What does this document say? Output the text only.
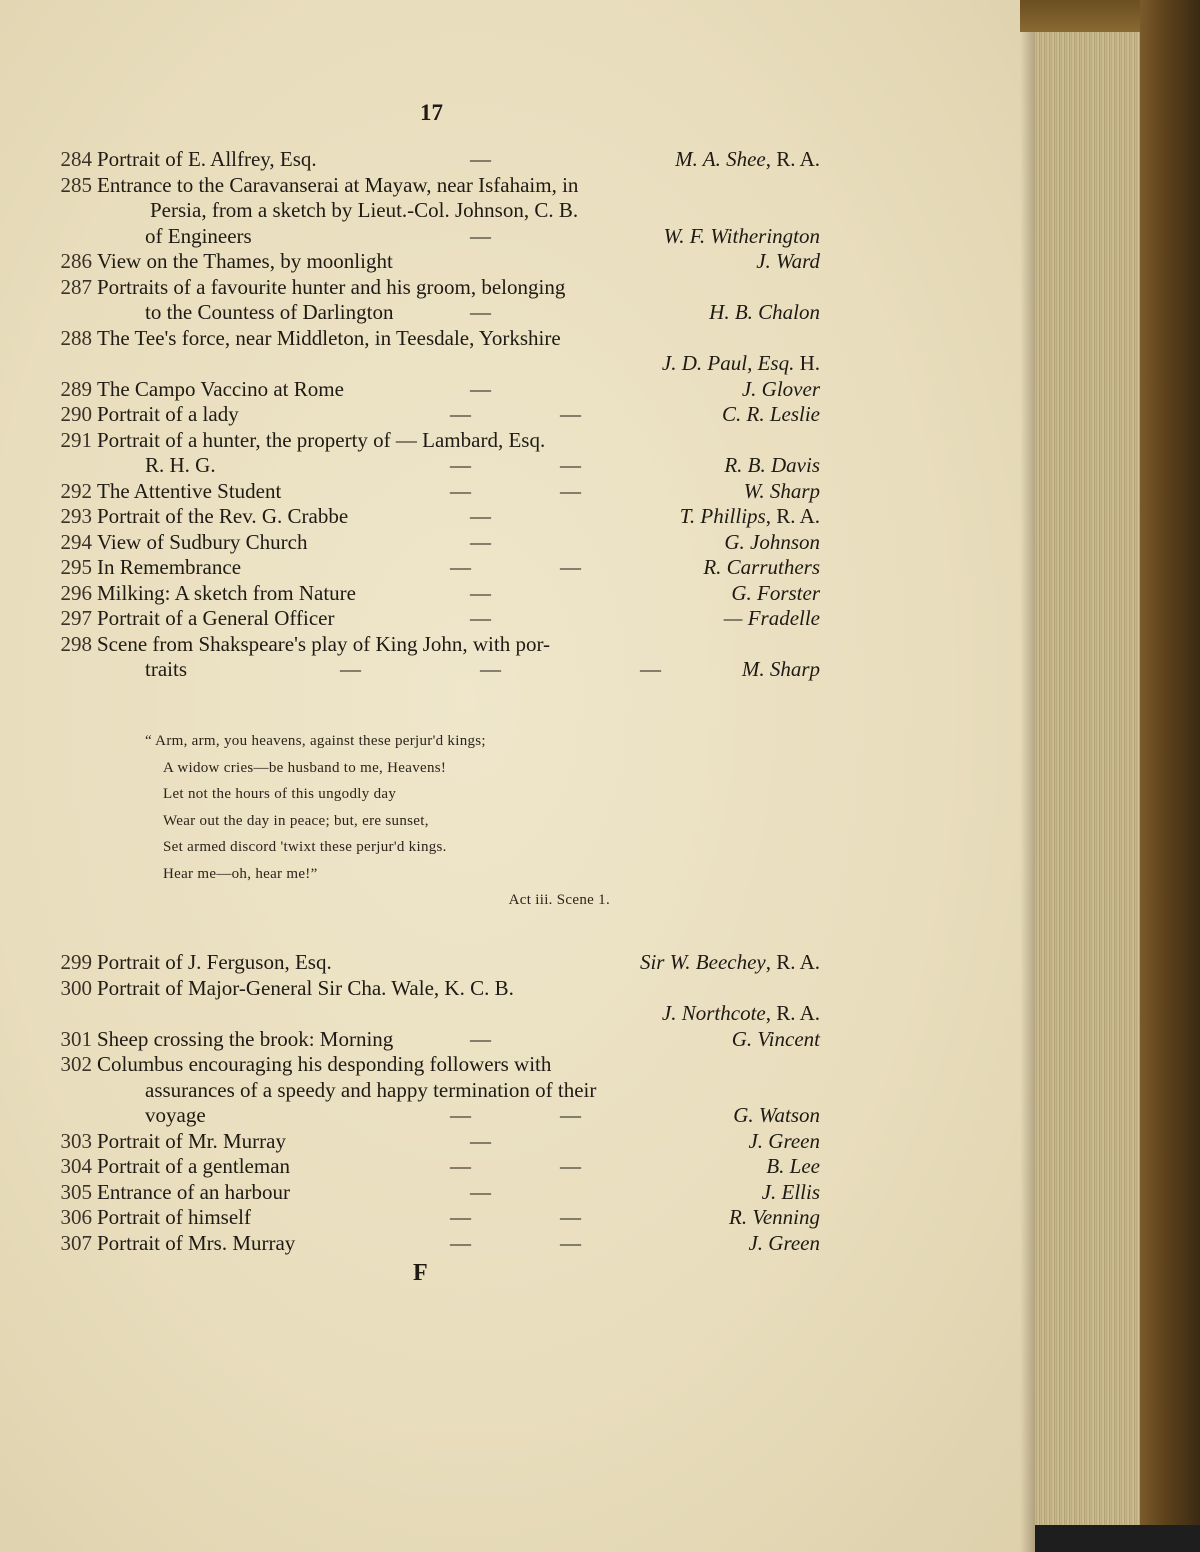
17
284 Portrait of E. Allfrey, Esq.	—	M. A. Shee, R. A.
285 Entrance to the Caravanserai at Mayaw, near Isfahaim, in
Persia, from a sketch by Lieut.-Col. Johnson, C. B.
of Engineers	—	W. F. Witherington
286 View on the Thames, by moonlight	J. Ward
287 Portraits of a favourite hunter and his groom, belonging
to the Countess of Darlington	—	H. B. Chalon
288 The Tee's force, near Middleton, in Teesdale, Yorkshire
J. D. Paul, Esq. H.
289 The Campo Vaccino at Rome	—	J. Glover
290 Portrait of a lady	—	—	C. R. Leslie
291 Portrait of a hunter, the property of — Lambard, Esq.
R. H. G.	—	—	R. B. Davis
292 The Attentive Student	—	—	W. Sharp
293 Portrait of the Rev. G. Crabbe	—	T. Phillips, R. A.
294 View of Sudbury Church	—	G. Johnson
295 In Remembrance	—	—	R. Carruthers
296 Milking: A sketch from Nature	—	G. Forster
297 Portrait of a General Officer	—	— Fradelle
298 Scene from Shakspeare's play of King John, with por-
traits	—	—	—	M. Sharp
“ Arm, arm, you heavens, against these perjur'd kings;
A widow cries—be husband to me, Heavens!
Let not the hours of this ungodly day
Wear out the day in peace; but, ere sunset,
Set armed discord 'twixt these perjur'd kings.
Hear me—oh, hear me!”
Act iii. Scene 1.
299 Portrait of J. Ferguson, Esq.	Sir W. Beechey, R. A.
300 Portrait of Major-General Sir Cha. Wale, K. C. B.
J. Northcote, R. A.
301 Sheep crossing the brook: Morning	—	G. Vincent
302 Columbus encouraging his desponding followers with
assurances of a speedy and happy termination of their
voyage	—	—	G. Watson
303 Portrait of Mr. Murray	—	J. Green
304 Portrait of a gentleman	—	—	B. Lee
305 Entrance of an harbour	—	J. Ellis
306 Portrait of himself	—	—	R. Venning
307 Portrait of Mrs. Murray	—	—	J. Green
F
